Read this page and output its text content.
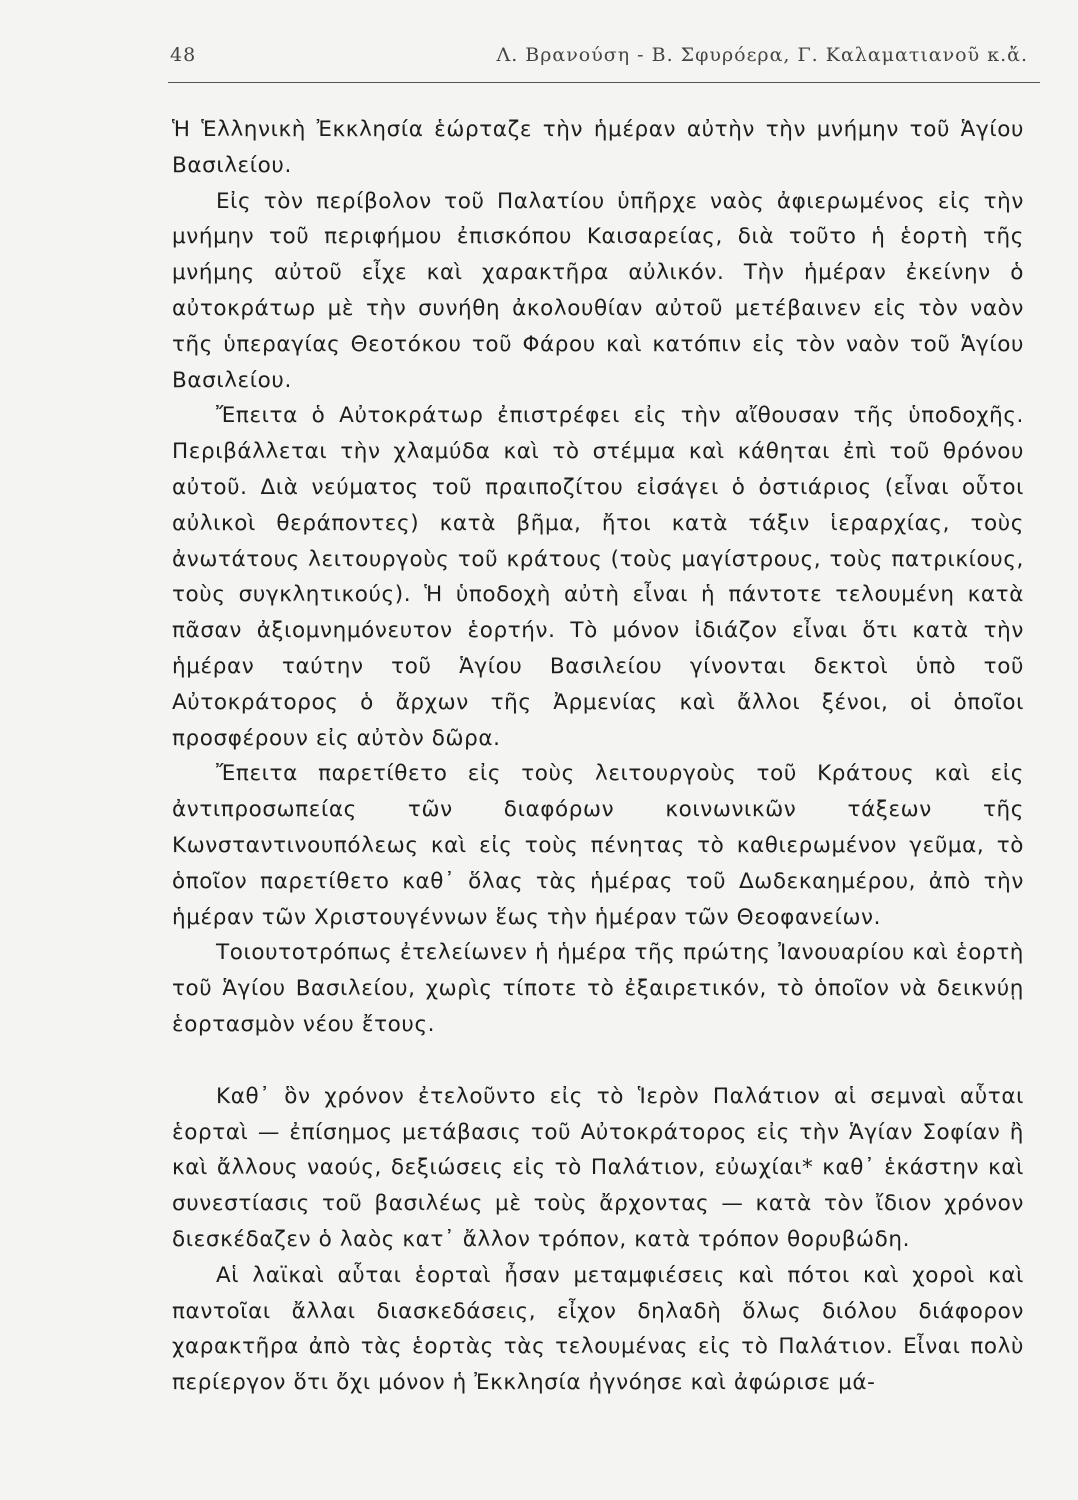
48	Λ. Βρανούση - Β. Σφυρόερα, Γ. Καλαματιανοῦ κ.ἄ.

Ἡ Ἑλληνικὴ Ἐκκλησία ἑώρταζε τὴν ἡμέραν αὐτὴν τὴν μνήμην τοῦ Ἁγίου Βασιλείου.

Εἰς τὸν περίβολον τοῦ Παλατίου ὑπῆρχε ναὸς ἀφιερωμένος εἰς τὴν μνήμην τοῦ περιφήμου ἐπισκόπου Καισαρείας, διὰ τοῦτο ἡ ἑορτὴ τῆς μνήμης αὐτοῦ εἶχε καὶ χαρακτῆρα αὐλικόν. Τὴν ἡμέραν ἐκείνην ὁ αὐτοκράτωρ μὲ τὴν συνήθη ἀκολουθίαν αὐτοῦ μετέβαινεν εἰς τὸν ναὸν τῆς ὑπεραγίας Θεοτόκου τοῦ Φάρου καὶ κατόπιν εἰς τὸν ναὸν τοῦ Ἁγίου Βασιλείου.

Ἔπειτα ὁ Αὐτοκράτωρ ἐπιστρέφει εἰς τὴν αἴθουσαν τῆς ὑποδοχῆς. Περιβάλλεται τὴν χλαμύδα καὶ τὸ στέμμα καὶ κάθηται ἐπὶ τοῦ θρόνου αὐτοῦ. Διὰ νεύματος τοῦ πραιποζίτου εἰσάγει ὁ ὀστιάριος (εἶναι οὗτοι αὐλικοὶ θεράποντες) κατὰ βῆμα, ἤτοι κατὰ τάξιν ἱεραρχίας, τοὺς ἀνωτάτους λειτουργοὺς τοῦ κράτους (τοὺς μαγίστρους, τοὺς πατρικίους, τοὺς συγκλητικούς). Ἡ ὑποδοχὴ αὐτὴ εἶναι ἡ πάντοτε τελουμένη κατὰ πᾶσαν ἀξιομνημόνευτον ἑορτήν. Τὸ μόνον ἰδιάζον εἶναι ὅτι κατὰ τὴν ἡμέραν ταύτην τοῦ Ἁγίου Βασιλείου γίνονται δεκτοὶ ὑπὸ τοῦ Αὐτοκράτορος ὁ ἄρχων τῆς Ἀρμενίας καὶ ἄλλοι ξένοι, οἱ ὁποῖοι προσφέρουν εἰς αὐτὸν δῶρα.

Ἔπειτα παρετίθετο εἰς τοὺς λειτουργοὺς τοῦ Κράτους καὶ εἰς ἀντιπροσωπείας τῶν διαφόρων κοινωνικῶν τάξεων τῆς Κωνσταντινουπόλεως καὶ εἰς τοὺς πένητας τὸ καθιερωμένον γεῦμα, τὸ ὁποῖον παρετίθετο καθ᾿ ὅλας τὰς ἡμέρας τοῦ Δωδεκαημέρου, ἀπὸ τὴν ἡμέραν τῶν Χριστουγέννων ἕως τὴν ἡμέραν τῶν Θεοφανείων.

Τοιουτοτρόπως ἐτελείωνεν ἡ ἡμέρα τῆς πρώτης Ἰανουαρίου καὶ ἑορτὴ τοῦ Ἁγίου Βασιλείου, χωρὶς τίποτε τὸ ἐξαιρετικόν, τὸ ὁποῖον νὰ δεικνύῃ ἑορτασμὸν νέου ἔτους.

Καθ᾿ ὃν χρόνον ἐτελοῦντο εἰς τὸ Ἱερὸν Παλάτιον αἱ σεμναὶ αὗται ἑορταὶ — ἐπίσημος μετάβασις τοῦ Αὐτοκράτορος εἰς τὴν Ἁγίαν Σοφίαν ἢ καὶ ἄλλους ναούς, δεξιώσεις εἰς τὸ Παλάτιον, εὐωχίαι* καθ᾿ ἑκάστην καὶ συνεστίασις τοῦ βασιλέως μὲ τοὺς ἄρχοντας — κατὰ τὸν ἴδιον χρόνον διεσκέδαζεν ὁ λαὸς κατ᾿ ἄλλον τρόπον, κατὰ τρόπον θορυβώδη.

Αἱ λαϊκαὶ αὗται ἑορταὶ ἦσαν μεταμφιέσεις καὶ πότοι καὶ χοροὶ καὶ παντοῖαι ἄλλαι διασκεδάσεις, εἶχον δηλαδὴ ὅλως διόλου διάφορον χαρακτῆρα ἀπὸ τὰς ἑορτὰς τὰς τελουμένας εἰς τὸ Παλάτιον. Εἶναι πολὺ περίεργον ὅτι ὄχι μόνον ἡ Ἐκκλησία ἠγνόησε καὶ ἀφώρισε μά-
